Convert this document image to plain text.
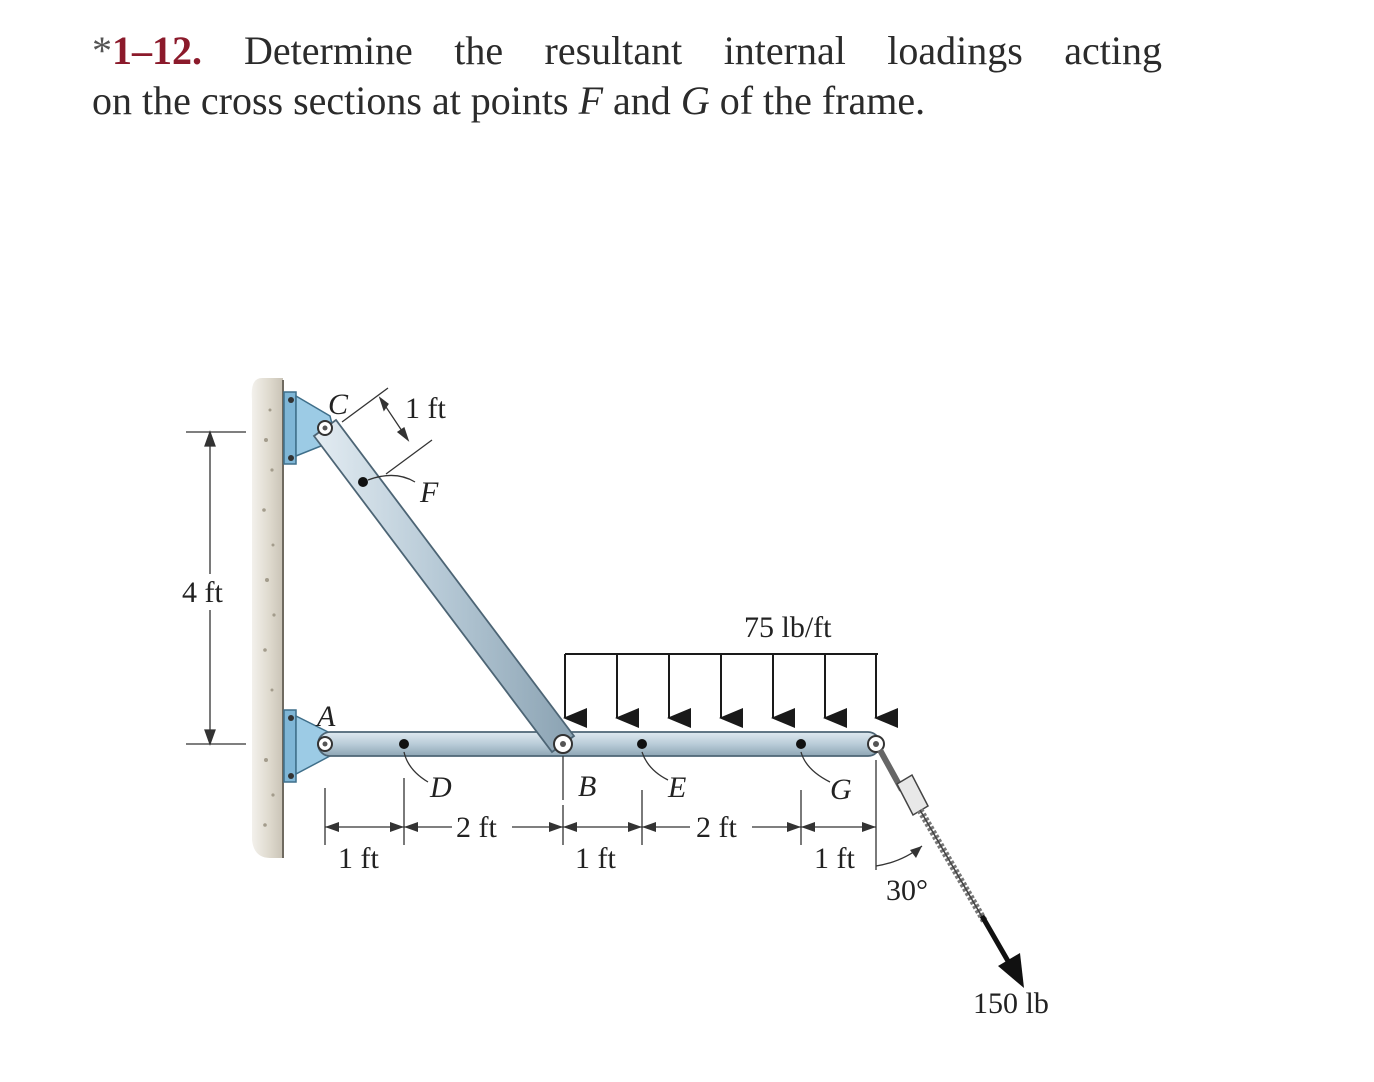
*1–12.	Determine the resultant internal loadings acting
on the cross sections at points F and G of the frame.
C
A
F
D	B E	G
1 ft
4 ft
1 ft
2 ft
1 ft
2 ft
1 ft
75 lb/ft
30°
150 lb
